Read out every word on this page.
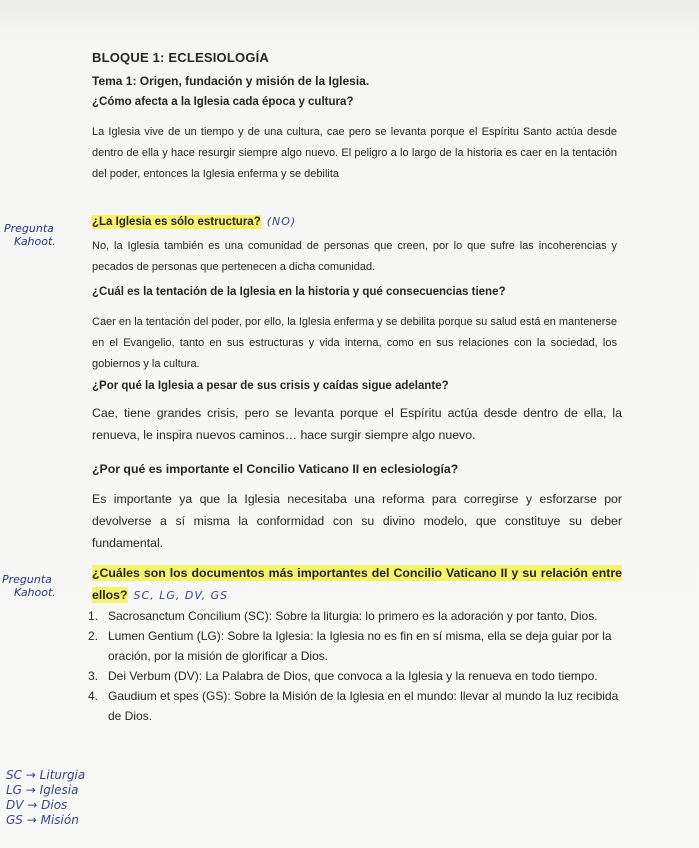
Pregunta
Kahoot.
Pregunta
Kahoot.
BLOQUE 1: ECLESIOLOGÍA
Tema 1: Origen, fundación y misión de la Iglesia.
¿Cómo afecta a la Iglesia cada época y cultura?
La Iglesia vive de un tiempo y de una cultura, cae pero se levanta porque el Espíritu Santo actúa desde dentro de ella y hace resurgir siempre algo nuevo. El peligro a lo largo de la historia es caer en la tentación del poder, entonces la Iglesia enferma y se debilita
¿La Iglesia es sólo estructura? (NO)
No, la Iglesia también es una comunidad de personas que creen, por lo que sufre las incoherencias y pecados de personas que pertenecen a dicha comunidad.
¿Cuál es la tentación de la Iglesia en la historia y qué consecuencias tiene?
Caer en la tentación del poder, por ello, la Iglesia enferma y se debilita porque su salud está en mantenerse en el Evangelio, tanto en sus estructuras y vida interna, como en sus relaciones con la sociedad, los gobiernos y la cultura.
¿Por qué la Iglesia a pesar de sus crisis y caídas sigue adelante?
Cae, tiene grandes crisis, pero se levanta porque el Espíritu actúa desde dentro de ella, la renueva, le inspira nuevos caminos… hace surgir siempre algo nuevo.
¿Por qué es importante el Concilio Vaticano II en eclesiología?
Es importante ya que la Iglesia necesitaba una reforma para corregirse y esforzarse por devolverse a sí misma la conformidad con su divino modelo, que constituye su deber fundamental.
¿Cuáles son los documentos más importantes del Concilio Vaticano II y su relación entre ellos? SC, LG, DV, GS
1. Sacrosanctum Concilium (SC): Sobre la liturgia: lo primero es la adoración y por tanto, Dios.
2. Lumen Gentium (LG): Sobre la Iglesia: la Iglesia no es fin en sí misma, ella se deja guiar por la oración, por la misión de glorificar a Dios.
3. Dei Verbum (DV): La Palabra de Dios, que convoca a la Iglesia y la renueva en todo tiempo.
4. Gaudium et spes (GS): Sobre la Misión de la Iglesia en el mundo: llevar al mundo la luz recibida de Dios.
SC → Liturgia
LG → Iglesia
DV → Dios
GS → Misión
